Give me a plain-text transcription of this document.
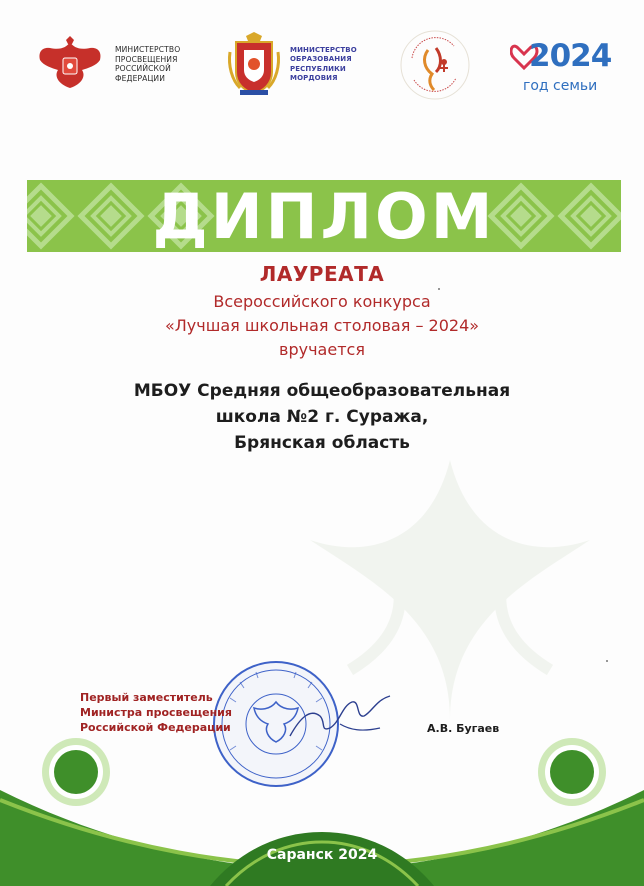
МИНИСТЕРСТВО
ПРОСВЕЩЕНИЯ
РОССИЙСКОЙ
ФЕДЕРАЦИИ
МИНИСТЕРСТВО
ОБРАЗОВАНИЯ
РЕСПУБЛИКИ
МОРДОВИЯ
2024
год семьи
ДИПЛОМ
ЛАУРЕАТА
Всероссийского конкурса
«Лучшая школьная столовая – 2024»
вручается
МБОУ Средняя общеобразовательная
школа №2 г. Суража,
Брянская область
Первый заместитель
Министра просвещения
Российской Федерации	А.В. Бугаев
Саранск 2024
